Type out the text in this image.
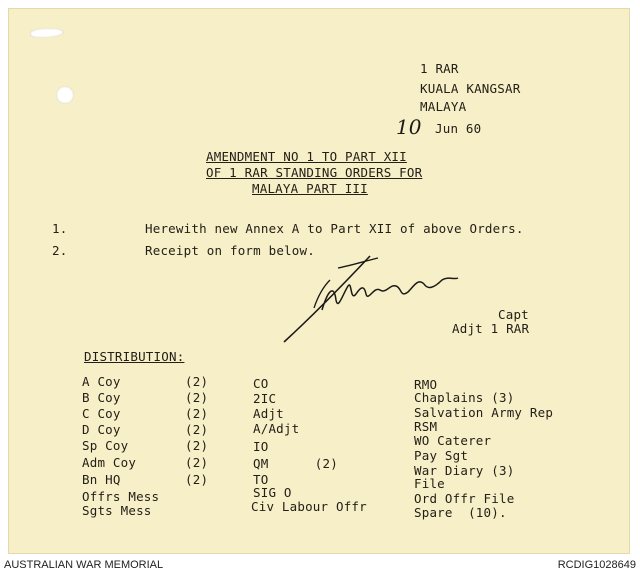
1 RAR
KUALA KANGSAR
MALAYA
10 Jun 60
AMENDMENT NO 1 TO PART XII
OF 1 RAR STANDING ORDERS FOR
MALAYA PART III
1.	Herewith new Annex A to Part XII of above Orders.
2.	Receipt on form below.
Capt
Adjt 1 RAR
DISTRIBUTION:
A Coy	(2)
B Coy	(2)
C Coy	(2)
D Coy	(2)
Sp Coy	(2)
Adm Coy	(2)
Bn HQ	(2)
Offrs Mess
Sgts Mess
CO
2IC
Adjt
A/Adjt
IO
QM      (2)
TO
SIG O
Civ Labour Offr
RMO
Chaplains (3)
Salvation Army Rep
RSM
WO Caterer
Pay Sgt
War Diary (3)
File
Ord Offr File
Spare  (10).
AUSTRALIAN WAR MEMORIAL	RCDIG1028649
